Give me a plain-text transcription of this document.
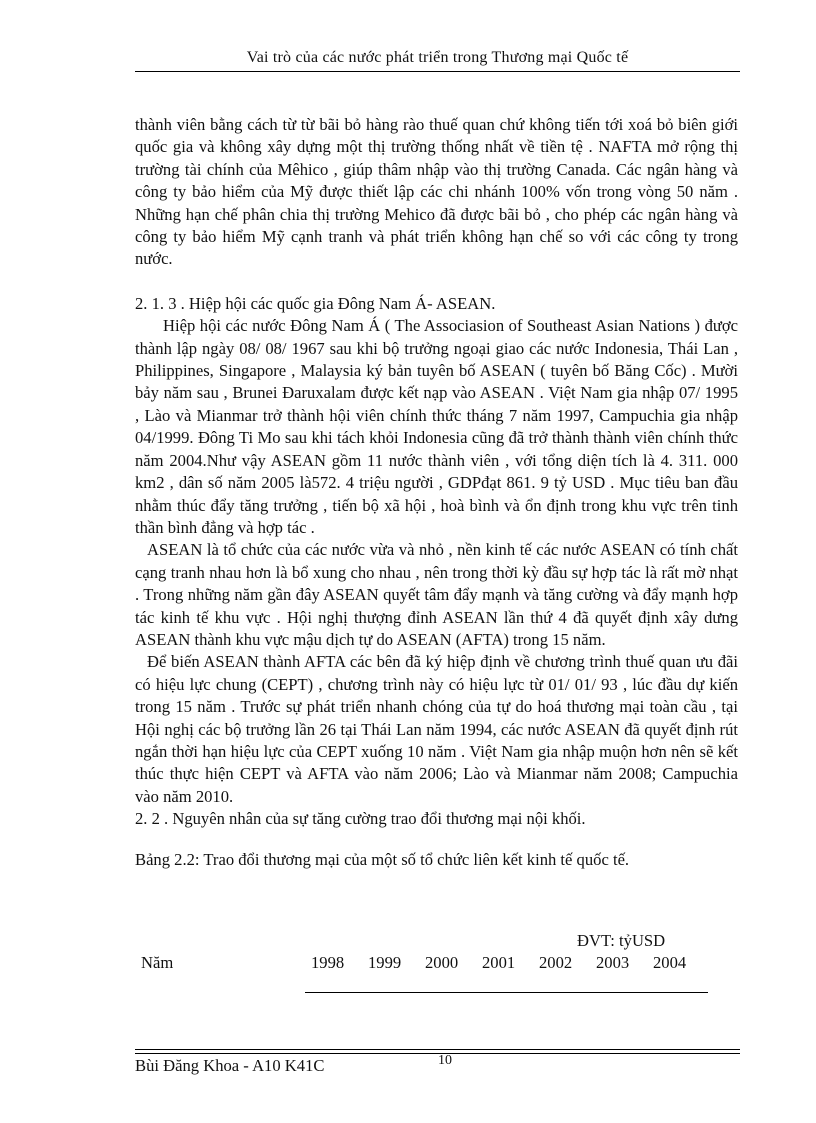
Vai trò của các nước phát triển trong Thương mại Quốc tế

thành viên bằng cách từ từ bãi bỏ hàng rào thuế quan chứ không tiến tới xoá bỏ biên giới quốc gia và không xây dựng một thị trường thống nhất về tiền tệ . NAFTA mở rộng thị trường tài chính của Mêhico , giúp thâm nhập vào thị trường Canada. Các ngân hàng và công ty bảo hiểm của Mỹ được thiết lập các chi nhánh 100% vốn trong vòng 50 năm . Những hạn chế phân chia thị trường Mehico đã được bãi bỏ , cho phép các ngân hàng và công ty bảo hiểm Mỹ cạnh tranh và phát triển không hạn chế so với các công ty trong nước.

2. 1. 3 . Hiệp hội các quốc gia Đông Nam Á- ASEAN.

Hiệp hội các nước Đông Nam Á ( The Associasion of Southeast Asian Nations ) được thành lập ngày 08/ 08/ 1967 sau khi bộ trưởng ngoại giao các nước Indonesia, Thái Lan , Philippines, Singapore , Malaysia ký bản tuyên bố ASEAN ( tuyên bố Băng Cốc) . Mười bảy năm sau , Brunei Đaruxalam được kết nạp vào ASEAN . Việt Nam gia nhập 07/ 1995 , Lào và Mianmar trở thành hội viên chính thức tháng 7 năm 1997, Campuchia gia nhập 04/1999. Đông Ti Mo sau khi tách khỏi Indonesia cũng đã trở thành thành viên chính thức năm 2004.Như vậy ASEAN gồm 11 nước thành viên , với tổng diện tích là 4. 311. 000 km2 , dân số năm 2005 là572. 4 triệu người , GDPđạt 861. 9 tỷ USD . Mục tiêu ban đầu nhằm thúc đẩy tăng trưởng , tiến bộ xã hội , hoà bình và ổn định trong khu vực trên tinh thần bình đẳng và hợp tác .

ASEAN là tổ chức của các nước vừa và nhỏ , nền kinh tế các nước ASEAN có tính chất cạng tranh nhau hơn là bổ xung cho nhau , nên trong thời kỳ đầu sự hợp tác là rất mờ nhạt . Trong những năm gần đây ASEAN quyết tâm đẩy mạnh và tăng cường và đẩy mạnh hợp tác kinh tế khu vực . Hội nghị thượng đỉnh ASEAN lần thứ 4 đã quyết định xây dưng ASEAN thành khu vực mậu dịch tự do ASEAN (AFTA) trong 15 năm.

Để biến ASEAN thành AFTA các bên đã ký hiệp định về chương trình thuế quan ưu đãi có hiệu lực chung (CEPT) , chương trình này có hiệu lực từ 01/ 01/ 93 , lúc đầu dự kiến trong 15 năm . Trước sự phát triển nhanh chóng của tự do hoá thương mại toàn cầu , tại Hội nghị các bộ trưởng lần 26 tại Thái Lan năm 1994, các nước ASEAN đã quyết định rút ngắn thời hạn hiệu lực của CEPT xuống 10 năm . Việt Nam gia nhập muộn hơn nên sẽ kết thúc thực hiện CEPT và AFTA vào năm 2006; Lào và Mianmar năm 2008; Campuchia vào năm 2010.

2. 2 . Nguyên nhân của sự tăng cường trao đổi thương mại nội khối.

Bảng 2.2: Trao đổi thương mại của một số tổ chức liên kết kinh tế quốc tế.

ĐVT: tỷUSD
Năm	1998	1999	2000	2001	2002	2003	2004
Bùi Đăng Khoa - A10 K41C	10
